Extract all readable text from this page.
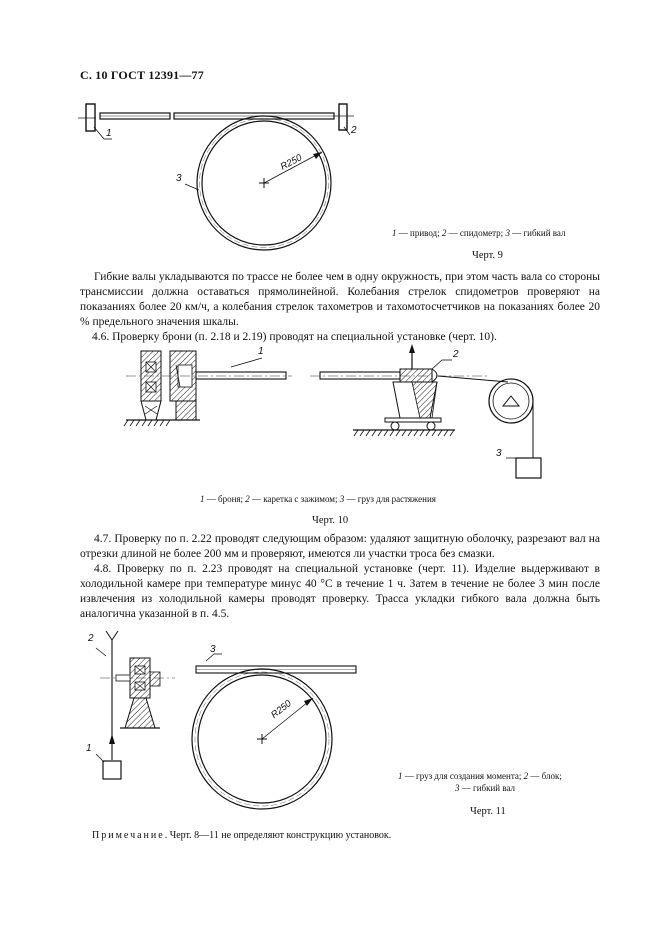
С. 10 ГОСТ 12391—77
1	2
3
R250
1 — привод; 2 — спидометр; 3 — гибкий вал
Черт. 9

Гибкие валы укладываются по трассе не более чем в одну окружность, при этом часть вала со стороны трансмиссии должна оставаться прямолинейной. Колебания стрелок спидометров проверяют на показаниях более 20 км/ч, а колебания стрелок тахометров и тахомотосчетчиков на показаниях более 20 % предельного значения шкалы.

4.6. Проверку брони (п. 2.18 и 2.19) проводят на специальной установке (черт. 10).

1	2
3
1 — броня; 2 — каретка с зажимом; 3 — груз для растяжения
Черт. 10

4.7. Проверку по п. 2.22 проводят следующим образом: удаляют защитную оболочку, разрезают вал на отрезки длиной не более 200 мм и проверяют, имеются ли участки троса без смазки.

4.8. Проверку по п. 2.23 проводят на специальной установке (черт. 11). Изделие выдерживают в холодильной камере при температуре минус 40 °С в течение 1 ч. Затем в течение не более 3 мин после извлечения из холодильной камеры проводят проверку. Трасса укладки гибкого вала должна быть аналогична указанной в п. 4.5.

2
1
3
R250
1 — груз для создания момента; 2 — блок;
3 — гибкий вал
Черт. 11
Примечание. Черт. 8—11 не определяют конструкцию установок.
